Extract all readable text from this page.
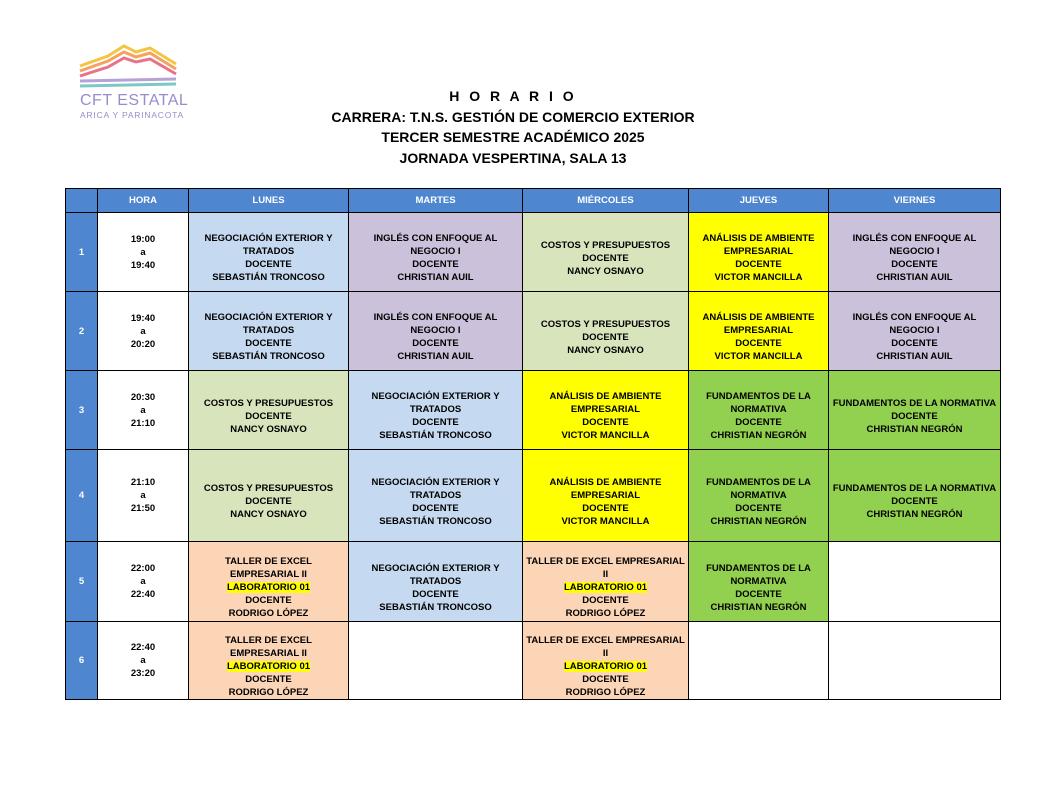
CFT ESTATAL
ARICA Y PARINACOTA
H O R A R I O
CARRERA: T.N.S. GESTIÓN DE COMERCIO EXTERIOR
TERCER SEMESTRE ACADÉMICO 2025
JORNADA VESPERTINA, SALA 13
	HORA	LUNES	MARTES	MIÉRCOLES	JUEVES	VIERNES

1	19:00
a
19:40	NEGOCIACIÓN EXTERIOR Y TRATADOS
DOCENTE
SEBASTIÁN TRONCOSO	INGLÉS CON ENFOQUE AL NEGOCIO I
DOCENTE
CHRISTIAN AUIL	COSTOS Y PRESUPUESTOS
DOCENTE
NANCY OSNAYO	ANÁLISIS DE AMBIENTE EMPRESARIAL
DOCENTE
VICTOR MANCILLA	INGLÉS CON ENFOQUE AL NEGOCIO I
DOCENTE
CHRISTIAN AUIL

2	19:40
a
20:20	NEGOCIACIÓN EXTERIOR Y TRATADOS
DOCENTE
SEBASTIÁN TRONCOSO	INGLÉS CON ENFOQUE AL NEGOCIO I
DOCENTE
CHRISTIAN AUIL	COSTOS Y PRESUPUESTOS
DOCENTE
NANCY OSNAYO	ANÁLISIS DE AMBIENTE EMPRESARIAL
DOCENTE
VICTOR MANCILLA	INGLÉS CON ENFOQUE AL NEGOCIO I
DOCENTE
CHRISTIAN AUIL

3	20:30
a
21:10	COSTOS Y PRESUPUESTOS
DOCENTE
NANCY OSNAYO	NEGOCIACIÓN EXTERIOR Y TRATADOS
DOCENTE
SEBASTIÁN TRONCOSO	ANÁLISIS DE AMBIENTE EMPRESARIAL
DOCENTE
VICTOR MANCILLA	FUNDAMENTOS DE LA NORMATIVA
DOCENTE
CHRISTIAN NEGRÓN	FUNDAMENTOS DE LA NORMATIVA
DOCENTE
CHRISTIAN NEGRÓN

4	21:10
a
21:50	COSTOS Y PRESUPUESTOS
DOCENTE
NANCY OSNAYO	NEGOCIACIÓN EXTERIOR Y TRATADOS
DOCENTE
SEBASTIÁN TRONCOSO	ANÁLISIS DE AMBIENTE EMPRESARIAL
DOCENTE
VICTOR MANCILLA	FUNDAMENTOS DE LA NORMATIVA
DOCENTE
CHRISTIAN NEGRÓN	FUNDAMENTOS DE LA NORMATIVA
DOCENTE
CHRISTIAN NEGRÓN

5	22:00
a
22:40	TALLER DE EXCEL EMPRESARIAL II
LABORATORIO 01
DOCENTE
RODRIGO LÓPEZ	NEGOCIACIÓN EXTERIOR Y TRATADOS
DOCENTE
SEBASTIÁN TRONCOSO	TALLER DE EXCEL EMPRESARIAL II
LABORATORIO 01
DOCENTE
RODRIGO LÓPEZ	FUNDAMENTOS DE LA NORMATIVA
DOCENTE
CHRISTIAN NEGRÓN	

6	22:40
a
23:20	TALLER DE EXCEL EMPRESARIAL II
LABORATORIO 01
DOCENTE
RODRIGO LÓPEZ		TALLER DE EXCEL EMPRESARIAL II
LABORATORIO 01
DOCENTE
RODRIGO LÓPEZ		
